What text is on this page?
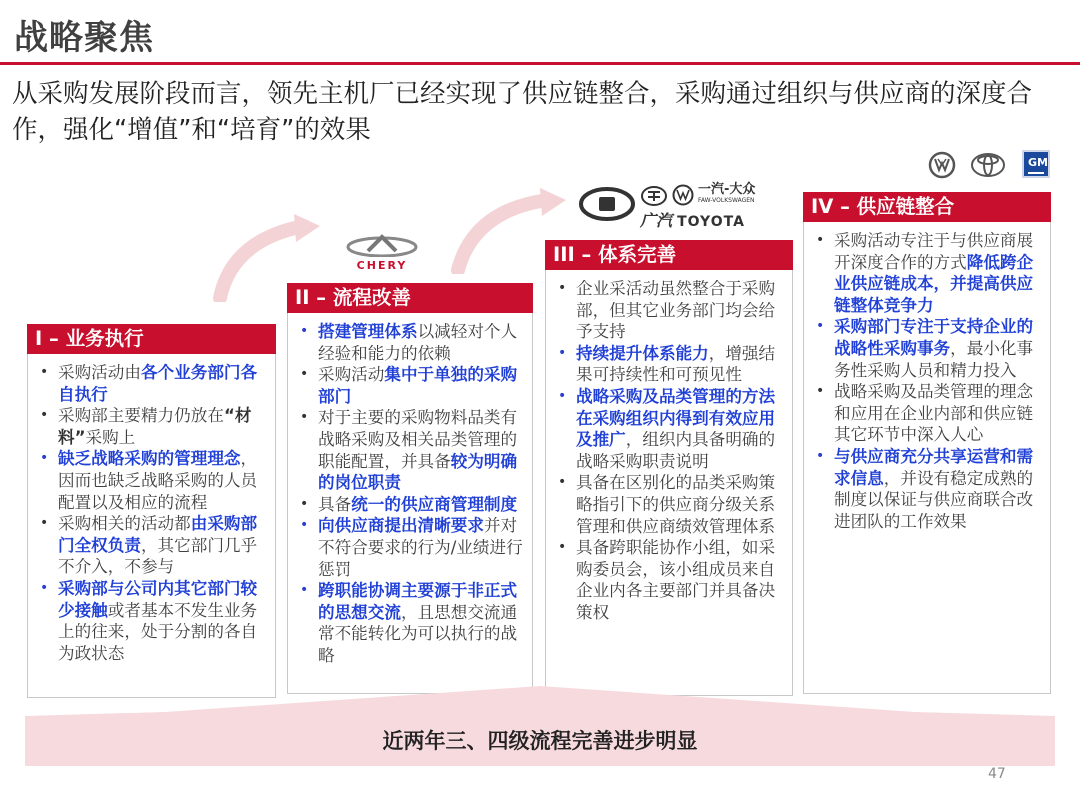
战略聚焦
从采购发展阶段而言，领先主机厂已经实现了供应链整合，采购通过组织与供应商的深度合作，强化“增值”和“培育”的效果
CHERY
一汽-大众
FAW-VOLKSWAGEN
广汽 TOYOTA
GM
I – 业务执行
• 采购活动由各个业务部门各自执行
• 采购部主要精力仍放在“材料”采购上
• 缺乏战略采购的管理理念，因而也缺乏战略采购的人员配置以及相应的流程
• 采购相关的活动都由采购部门全权负责，其它部门几乎不介入，不参与
• 采购部与公司内其它部门较少接触或者基本不发生业务上的往来，处于分割的各自为政状态
II – 流程改善
• 搭建管理体系以减轻对个人经验和能力的依赖
• 采购活动集中于单独的采购部门
• 对于主要的采购物料品类有战略采购及相关品类管理的职能配置，并具备较为明确的岗位职责
• 具备统一的供应商管理制度
• 向供应商提出清晰要求并对不符合要求的行为/业绩进行惩罚
• 跨职能协调主要源于非正式的思想交流，且思想交流通常不能转化为可以执行的战略
III – 体系完善
• 企业采活动虽然整合于采购部，但其它业务部门均会给予支持
• 持续提升体系能力，增强结果可持续性和可预见性
• 战略采购及品类管理的方法在采购组织内得到有效应用及推广，组织内具备明确的战略采购职责说明
• 具备在区别化的品类采购策略指引下的供应商分级关系管理和供应商绩效管理体系
• 具备跨职能协作小组，如采购委员会，该小组成员来自企业内各主要部门并具备决策权
IV – 供应链整合
• 采购活动专注于与供应商展开深度合作的方式降低跨企业供应链成本，并提高供应链整体竞争力
• 采购部门专注于支持企业的战略性采购事务，最小化事务性采购人员和精力投入
• 战略采购及品类管理的理念和应用在企业内部和供应链其它环节中深入人心
• 与供应商充分共享运营和需求信息，并设有稳定成熟的制度以保证与供应商联合改进团队的工作效果
近两年三、四级流程完善进步明显
47
